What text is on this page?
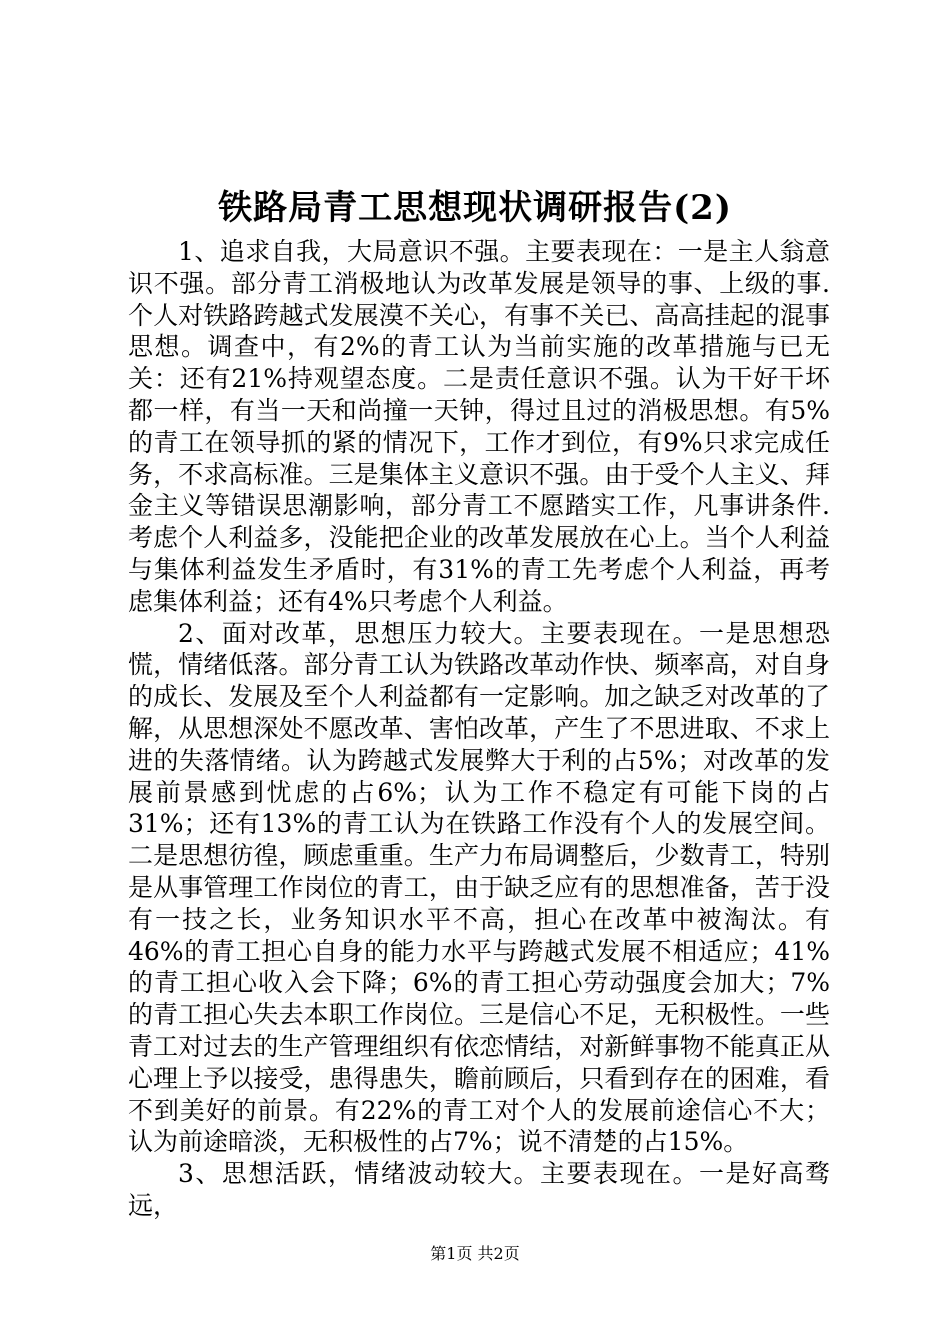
铁路局青工思想现状调研报告(2)

1、追求自我，大局意识不强。主要表现在：一是主人翁意识不强。部分青工消极地认为改革发展是领导的事、上级的事.个人对铁路跨越式发展漠不关心，有事不关已、高高挂起的混事思想。调查中，有2%的青工认为当前实施的改革措施与已无关：还有21%持观望态度。二是责任意识不强。认为干好干坏都一样，有当一天和尚撞一天钟，得过且过的消极思想。有5%的青工在领导抓的紧的情况下，工作才到位，有9%只求完成任务，不求高标准。三是集体主义意识不强。由于受个人主义、拜金主义等错误思潮影响，部分青工不愿踏实工作，凡事讲条件.考虑个人利益多，没能把企业的改革发展放在心上。当个人利益与集体利益发生矛盾时，有31%的青工先考虑个人利益，再考虑集体利益；还有4%只考虑个人利益。

2、面对改革，思想压力较大。主要表现在。一是思想恐慌，情绪低落。部分青工认为铁路改革动作快、频率高，对自身的成长、发展及至个人利益都有一定影响。加之缺乏对改革的了解，从思想深处不愿改革、害怕改革，产生了不思进取、不求上进的失落情绪。认为跨越式发展弊大于利的占5%；对改革的发展前景感到忧虑的占6%；认为工作不稳定有可能下岗的占31%；还有13%的青工认为在铁路工作没有个人的发展空间。二是思想彷徨，顾虑重重。生产力布局调整后，少数青工，特别是从事管理工作岗位的青工，由于缺乏应有的思想准备，苦于没有一技之长，业务知识水平不高，担心在改革中被淘汰。有46%的青工担心自身的能力水平与跨越式发展不相适应；41%的青工担心收入会下降；6%的青工担心劳动强度会加大；7%的青工担心失去本职工作岗位。三是信心不足，无积极性。一些青工对过去的生产管理组织有依恋情结，对新鲜事物不能真正从心理上予以接受，患得患失，瞻前顾后，只看到存在的困难，看不到美好的前景。有22%的青工对个人的发展前途信心不大；认为前途暗淡，无积极性的占7%；说不清楚的占15%。

3、思想活跃，情绪波动较大。主要表现在。一是好高骛远，

第1页 共2页
